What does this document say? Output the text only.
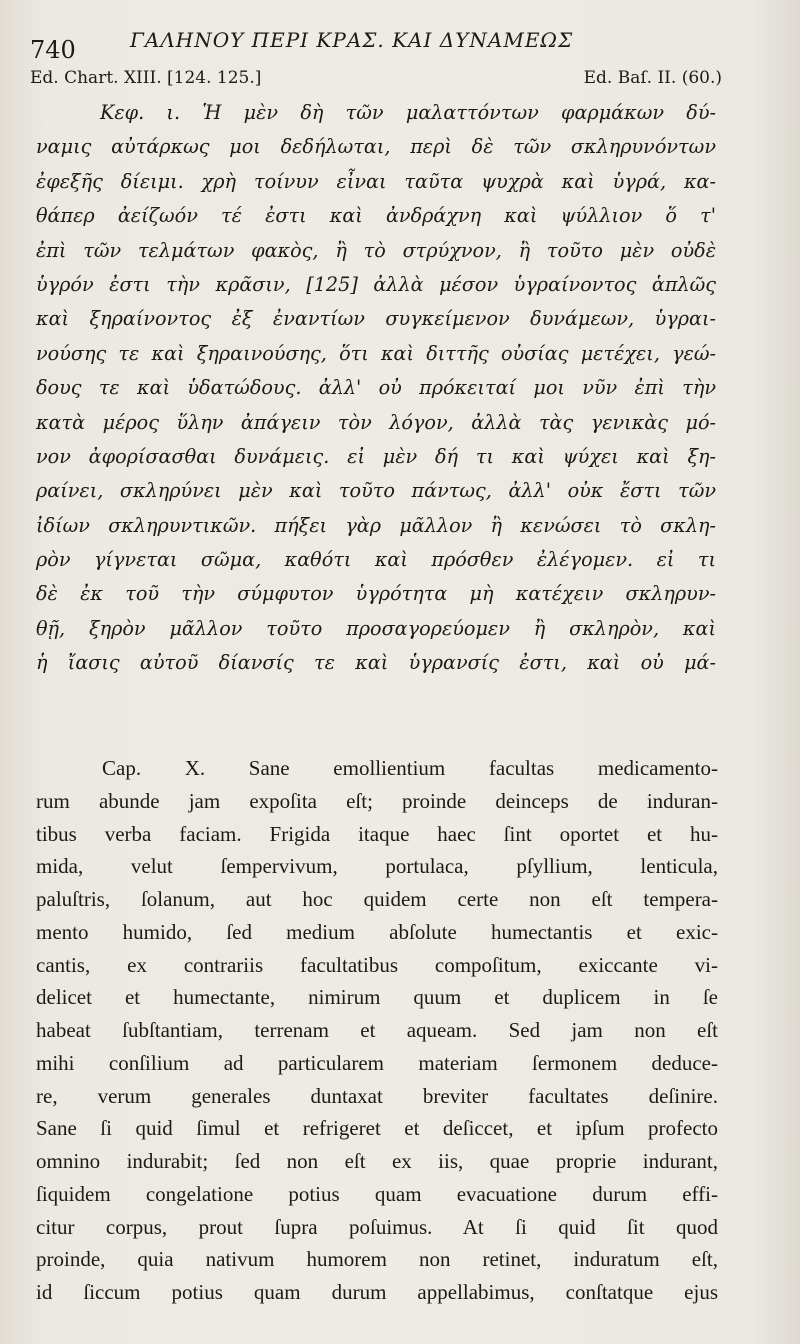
740	ΓΑΛΗΝΟΥ ΠΕΡΙ ΚΡΑΣ. ΚΑΙ ΔΥΝΑΜΕΩΣ
Ed. Chart. XIII. [124. 125.]	Ed. Baſ. II. (60.)
Κεφ. ι. Ἡ μὲν δὴ τῶν μαλαττόντων φαρμάκων δύ-
ναμις αὐτάρκως μοι δεδήλωται, περὶ δὲ τῶν σκληρυνόντων
ἐφεξῆς δίειμι. χρὴ τοίνυν εἶναι ταῦτα ψυχρὰ καὶ ὑγρά, κα-
θάπερ ἀείζωόν τέ ἐστι καὶ ἀνδράχνη καὶ ψύλλιον ὅ τ'
ἐπὶ τῶν τελμάτων φακὸς, ἢ τὸ στρύχνον, ἢ τοῦτο μὲν οὐδὲ
ὑγρόν ἐστι τὴν κρᾶσιν, [125] ἀλλὰ μέσον ὑγραίνοντος ἁπλῶς
καὶ ξηραίνοντος ἐξ ἐναντίων συγκείμενον δυνάμεων, ὑγραι-
νούσης τε καὶ ξηραινούσης, ὅτι καὶ διττῆς οὐσίας μετέχει, γεώ-
δους τε καὶ ὑδατώδους. ἀλλ' οὐ πρόκειταί μοι νῦν ἐπὶ τὴν
κατὰ μέρος ὕλην ἀπάγειν τὸν λόγον, ἀλλὰ τὰς γενικὰς μό-
νον ἀφορίσασθαι δυνάμεις. εἰ μὲν δή τι καὶ ψύχει καὶ ξη-
ραίνει, σκληρύνει μὲν καὶ τοῦτο πάντως, ἀλλ' οὐκ ἔστι τῶν
ἰδίων σκληρυντικῶν. πήξει γὰρ μᾶλλον ἢ κενώσει τὸ σκλη-
ρὸν γίγνεται σῶμα, καθότι καὶ πρόσθεν ἐλέγομεν. εἰ τι
δὲ ἐκ τοῦ τὴν σύμφυτον ὑγρότητα μὴ κατέχειν σκληρυν-
θῇ, ξηρὸν μᾶλλον τοῦτο προσαγορεύομεν ἢ σκληρὸν, καὶ
ἡ ἴασις αὐτοῦ δίανσίς τε καὶ ὑγρανσίς ἐστι, καὶ οὐ μά-
Cap. X. Sane emollientium facultas medicamento-
rum abunde jam expoſita eſt; proinde deinceps de induran-
tibus verba faciam. Frigida itaque haec ſint oportet et hu-
mida, velut ſempervivum, portulaca, pſyllium, lenticula,
paluſtris, ſolanum, aut hoc quidem certe non eſt tempera-
mento humido, ſed medium abſolute humectantis et exic-
cantis, ex contrariis facultatibus compoſitum, exiccante vi-
delicet et humectante, nimirum quum et duplicem in ſe
habeat ſubſtantiam, terrenam et aqueam. Sed jam non eſt
mihi conſilium ad particularem materiam ſermonem deduce-
re, verum generales duntaxat breviter facultates deſinire.
Sane ſi quid ſimul et refrigeret et deſiccet, et ipſum profecto
omnino indurabit; ſed non eſt ex iis, quae proprie indurant,
ſiquidem congelatione potius quam evacuatione durum effi-
citur corpus, prout ſupra poſuimus. At ſi quid ſit quod
proinde, quia nativum humorem non retinet, induratum eſt,
id ſiccum potius quam durum appellabimus, conſtatque ejus
